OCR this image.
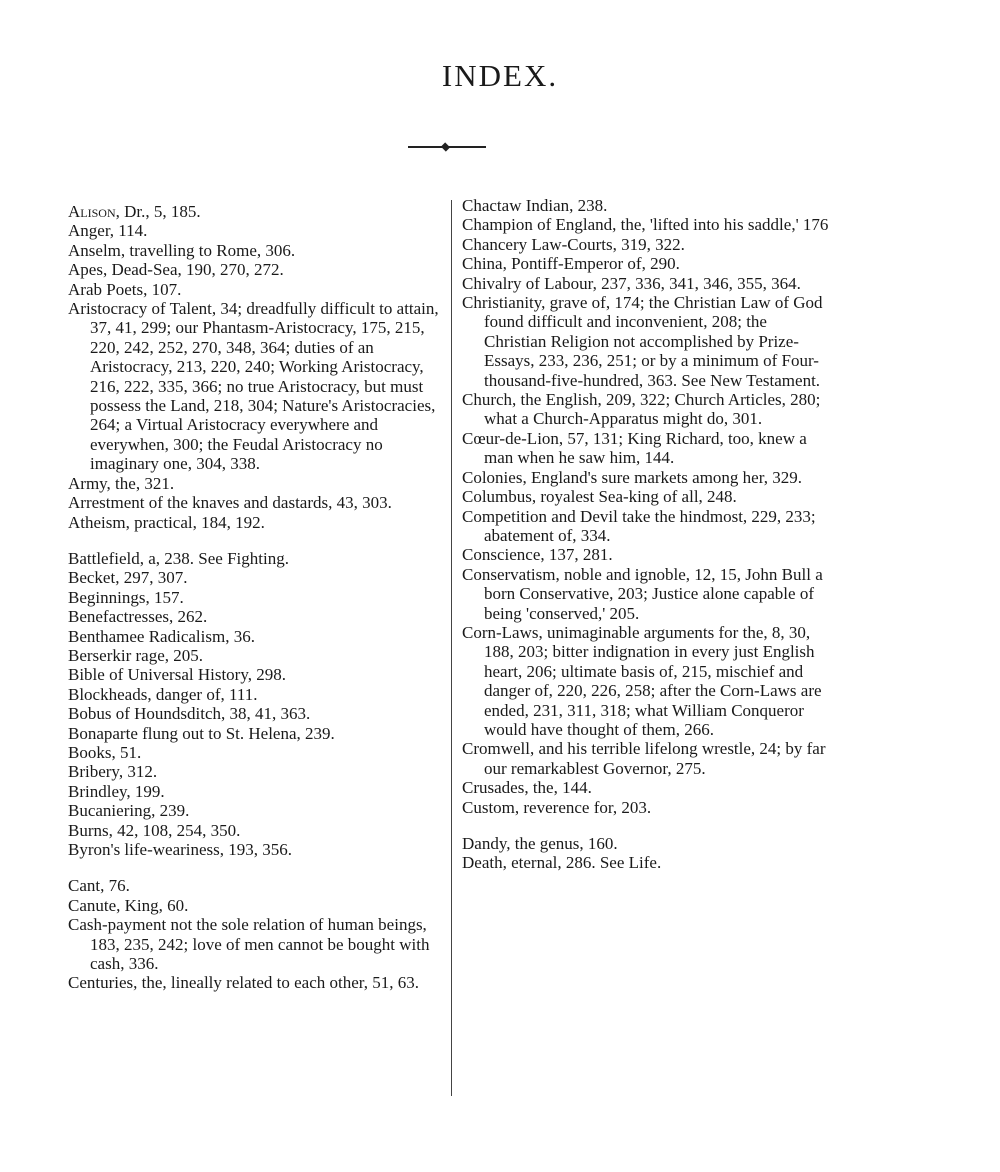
INDEX.

Alison, Dr., 5, 185.

Anger, 114.

Anselm, travelling to Rome, 306.

Apes, Dead-Sea, 190, 270, 272.

Arab Poets, 107.

Aristocracy of Talent, 34; dreadfully difficult to attain, 37, 41, 299; our Phantasm-Aristocracy, 175, 215, 220, 242, 252, 270, 348, 364; duties of an Aristocracy, 213, 220, 240; Working Aristocracy, 216, 222, 335, 366; no true Aristocracy, but must possess the Land, 218, 304; Nature's Aristocracies, 264; a Virtual Aristocracy everywhere and everywhen, 300; the Feudal Aristocracy no imaginary one, 304, 338.

Army, the, 321.

Arrestment of the knaves and dastards, 43, 303.

Atheism, practical, 184, 192.

Battlefield, a, 238. See Fighting.

Becket, 297, 307.

Beginnings, 157.

Benefactresses, 262.

Benthamee Radicalism, 36.

Berserkir rage, 205.

Bible of Universal History, 298.

Blockheads, danger of, 111.

Bobus of Houndsditch, 38, 41, 363.

Bonaparte flung out to St. Helena, 239.

Books, 51.

Bribery, 312.

Brindley, 199.

Bucaniering, 239.

Burns, 42, 108, 254, 350.

Byron's life-weariness, 193, 356.

Cant, 76.

Canute, King, 60.

Cash-payment not the sole relation of human beings, 183, 235, 242; love of men cannot be bought with cash, 336.

Centuries, the, lineally related to each other, 51, 63.

Chactaw Indian, 238.

Champion of England, the, 'lifted into his saddle,' 176

Chancery Law-Courts, 319, 322.

China, Pontiff-Emperor of, 290.

Chivalry of Labour, 237, 336, 341, 346, 355, 364.

Christianity, grave of, 174; the Christian Law of God found difficult and inconvenient, 208; the Christian Religion not accomplished by Prize-Essays, 233, 236, 251; or by a minimum of Four-thousand-five-hundred, 363. See New Testament.

Church, the English, 209, 322; Church Articles, 280; what a Church-Apparatus might do, 301.

Cœur-de-Lion, 57, 131; King Richard, too, knew a man when he saw him, 144.

Colonies, England's sure markets among her, 329.

Columbus, royalest Sea-king of all, 248.

Competition and Devil take the hindmost, 229, 233; abatement of, 334.

Conscience, 137, 281.

Conservatism, noble and ignoble, 12, 15, John Bull a born Conservative, 203; Justice alone capable of being 'conserved,' 205.

Corn-Laws, unimaginable arguments for the, 8, 30, 188, 203; bitter indignation in every just English heart, 206; ultimate basis of, 215, mischief and danger of, 220, 226, 258; after the Corn-Laws are ended, 231, 311, 318; what William Conqueror would have thought of them, 266.

Cromwell, and his terrible lifelong wrestle, 24; by far our remarkablest Governor, 275.

Crusades, the, 144.

Custom, reverence for, 203.

Dandy, the genus, 160.

Death, eternal, 286. See Life.
